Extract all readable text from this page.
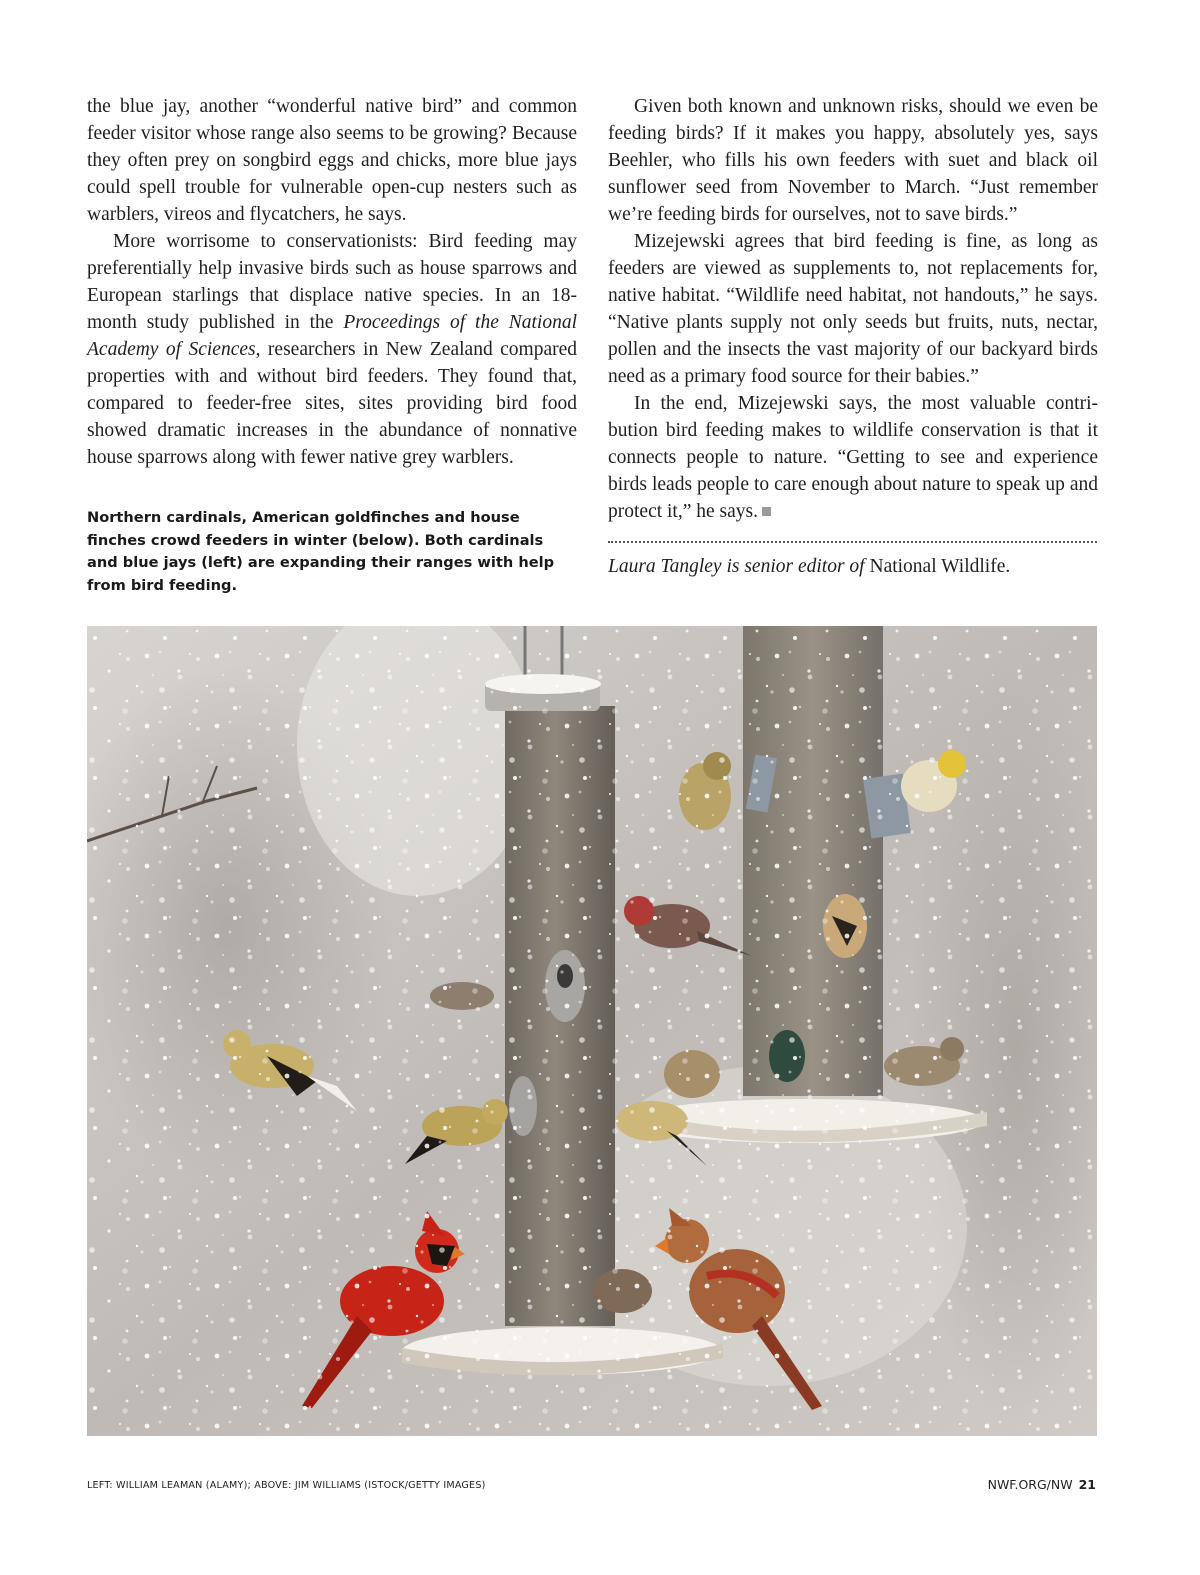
the blue jay, another “wonderful native bird” and common feeder visitor whose range also seems to be growing? Because they often prey on songbird eggs and chicks, more blue jays could spell trouble for vulnerable open-cup nesters such as warblers, vireos and flycatchers, he says.

More worrisome to conservationists: Bird feeding may preferentially help invasive birds such as house sparrows and European starlings that displace native species. In an 18-month study published in the Proceedings of the National Academy of Sciences, researchers in New Zealand compared properties with and without bird feeders. They found that, compared to feeder-free sites, sites providing bird food showed dramatic increases in the abundance of nonnative house sparrows along with fewer native grey warblers.

Northern cardinals, American goldfinches and house finches crowd feeders in winter (below). Both cardinals and blue jays (left) are expanding their ranges with help from bird feeding.

Given both known and unknown risks, should we even be feeding birds? If it makes you happy, absolutely yes, says Beehler, who fills his own feeders with suet and black oil sunflower seed from November to March. “Just remember we’re feeding birds for ourselves, not to save birds.”

Mizejewski agrees that bird feeding is fine, as long as feeders are viewed as supplements to, not replacements for, native habitat. “Wildlife need habitat, not handouts,” he says. “Native plants supply not only seeds but fruits, nuts, nectar, pollen and the insects the vast majority of our backyard birds need as a primary food source for their babies.”

In the end, Mizejewski says, the most valuable contribution bird feeding makes to wildlife conservation is that it connects people to nature. “Getting to see and experience birds leads people to care enough about nature to speak up and protect it,” he says.

Laura Tangley is senior editor of National Wildlife.
LEFT: WILLIAM LEAMAN (ALAMY); ABOVE: JIM WILLIAMS (ISTOCK/GETTY IMAGES)	NWF.ORG/NW 21
